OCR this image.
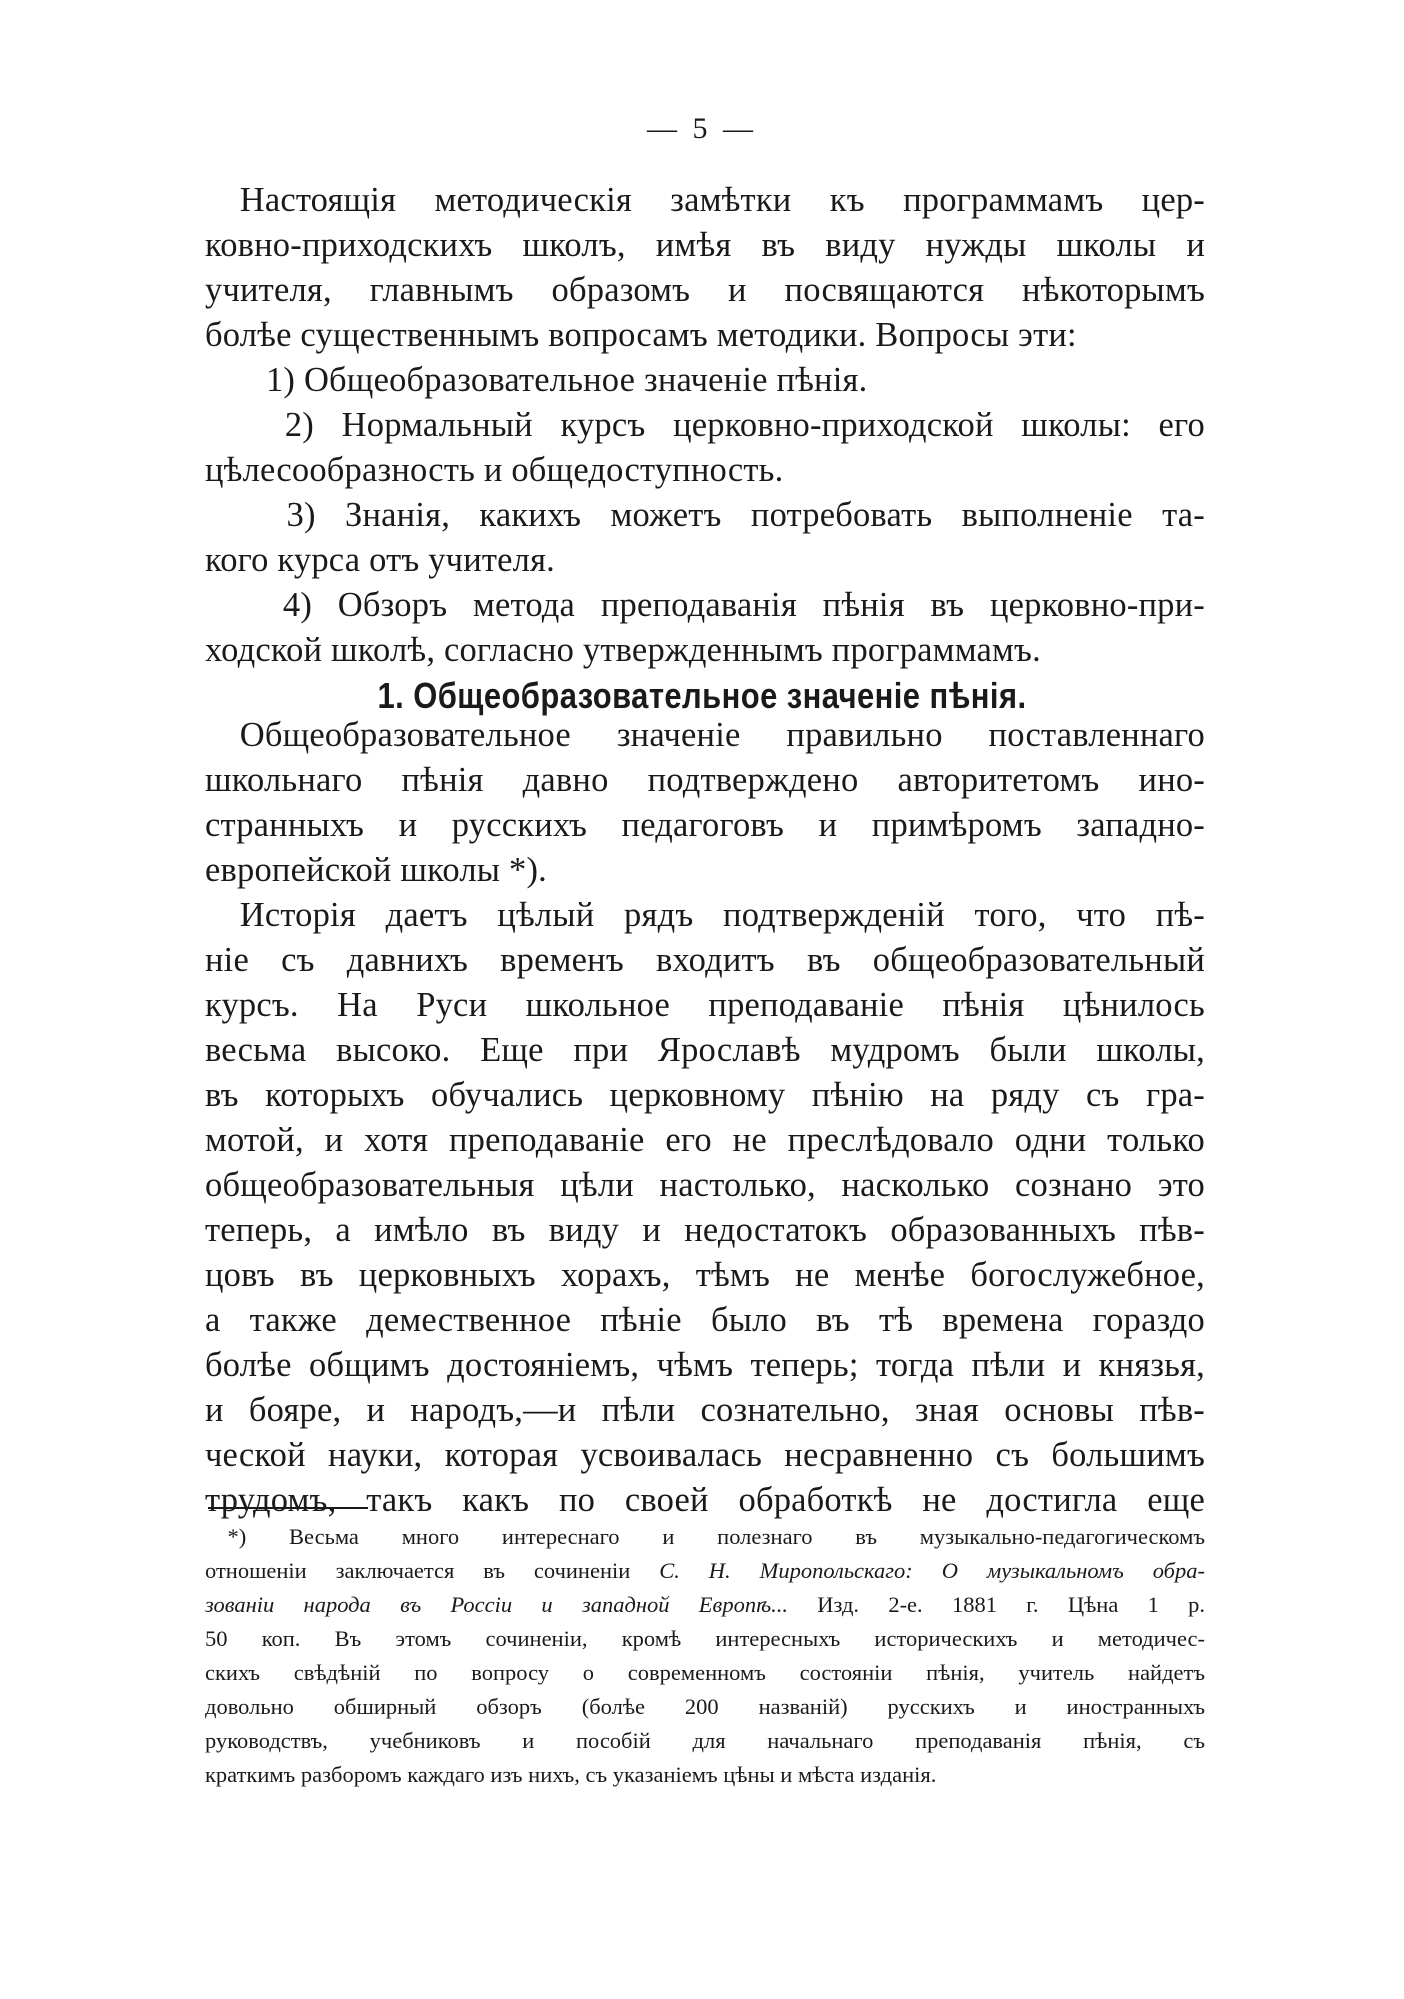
— 5 —
 Настоящія методическія замѣтки къ программамъ цер-
ковно-приходскихъ школъ, имѣя въ виду нужды школы и
учителя, главнымъ образомъ и посвящаются нѣкоторымъ
болѣе существеннымъ вопросамъ методики. Вопросы эти:
   1) Общеобразовательное значеніе пѣнія.
   2) Нормальный курсъ церковно-приходской школы: его
цѣлесообразность и общедоступность.
   3) Знанія, какихъ можетъ потребовать выполненіе та-
кого курса отъ учителя.
   4) Обзоръ метода преподаванія пѣнія въ церковно-при-
ходской школѣ, согласно утвержденнымъ программамъ.
1. Общеобразовательное значеніе пѣнія.
 Общеобразовательное значеніе правильно поставленнаго
школьнаго пѣнія давно подтверждено авторитетомъ ино-
странныхъ и русскихъ педагоговъ и примѣромъ западно-
европейской школы *).
 Исторія даетъ цѣлый рядъ подтвержденій того, что пѣ-
ніе съ давнихъ временъ входитъ въ общеобразовательный
курсъ. На Руси школьное преподаваніе пѣнія цѣнилось
весьма высоко. Еще при Ярославѣ мудромъ были школы,
въ которыхъ обучались церковному пѣнію на ряду съ гра-
мотой, и хотя преподаваніе его не преслѣдовало одни только
общеобразовательныя цѣли настолько, насколько сознано это
теперь, а имѣло въ виду и недостатокъ образованныхъ пѣв-
цовъ въ церковныхъ хорахъ, тѣмъ не менѣе богослужебное,
а также демественное пѣніе было въ тѣ времена гораздо
болѣе общимъ достояніемъ, чѣмъ теперь; тогда пѣли и князья,
и бояре, и народъ,—и пѣли сознательно, зная основы пѣв-
ческой науки, которая усвоивалась несравненно съ большимъ
трудомъ, такъ какъ по своей обработкѣ не достигла еще
 *) Весьма много интереснаго и полезнаго въ музыкально-педагогическомъ
отношеніи заключается въ сочиненіи С. Н. Миропольскаго: О музыкальномъ обра-
зованіи народа въ Россіи и западной Европѣ... Изд. 2-е. 1881 г. Цѣна 1 р.
50 коп. Въ этомъ сочиненіи, кромѣ интересныхъ историческихъ и методичес-
скихъ свѣдѣній по вопросу о современномъ состояніи пѣнія, учитель найдетъ
довольно обширный обзоръ (болѣе 200 названій) русскихъ и иностранныхъ
руководствъ, учебниковъ и пособій для начальнаго преподаванія пѣнія, съ
краткимъ разборомъ каждаго изъ нихъ, съ указаніемъ цѣны и мѣста изданія.
